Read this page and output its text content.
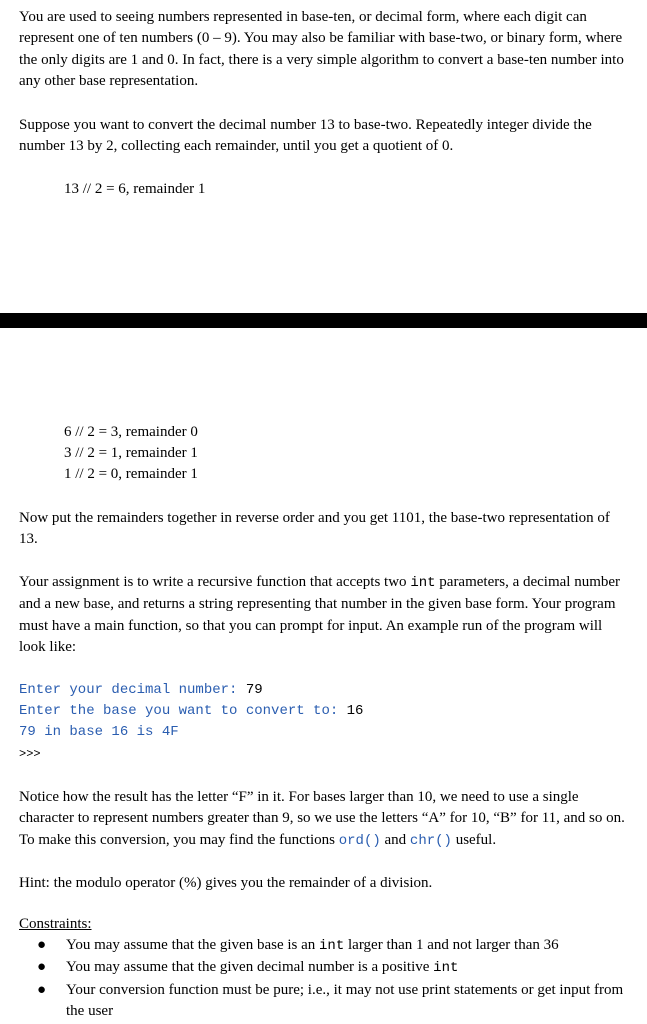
You are used to seeing numbers represented in base-ten, or decimal form, where each digit can represent one of ten numbers (0 – 9). You may also be familiar with base-two, or binary form, where the only digits are 1 and 0. In fact, there is a very simple algorithm to convert a base-ten number into any other base representation.

Suppose you want to convert the decimal number 13 to base-two. Repeatedly integer divide the number 13 by 2, collecting each remainder, until you get a quotient of 0.

13 // 2 = 6, remainder 1
6 // 2 = 3, remainder 0
3 // 2 = 1, remainder 1
1 // 2 = 0, remainder 1

Now put the remainders together in reverse order and you get 1101, the base-two representation of 13.

Your assignment is to write a recursive function that accepts two int parameters, a decimal number and a new base, and returns a string representing that number in the given base form. Your program must have a main function, so that you can prompt for input. An example run of the program will look like:

Enter your decimal number: 79
Enter the base you want to convert to: 16
79 in base 16 is 4F
>>>

Notice how the result has the letter “F” in it. For bases larger than 10, we need to use a single character to represent numbers greater than 9, so we use the letters “A” for 10, “B” for 11, and so on. To make this conversion, you may find the functions ord() and chr() useful.

Hint: the modulo operator (%) gives you the remainder of a division.

Constraints:
● You may assume that the given base is an int larger than 1 and not larger than 36
● You may assume that the given decimal number is a positive int
● Your conversion function must be pure; i.e., it may not use print statements or get input from the user
